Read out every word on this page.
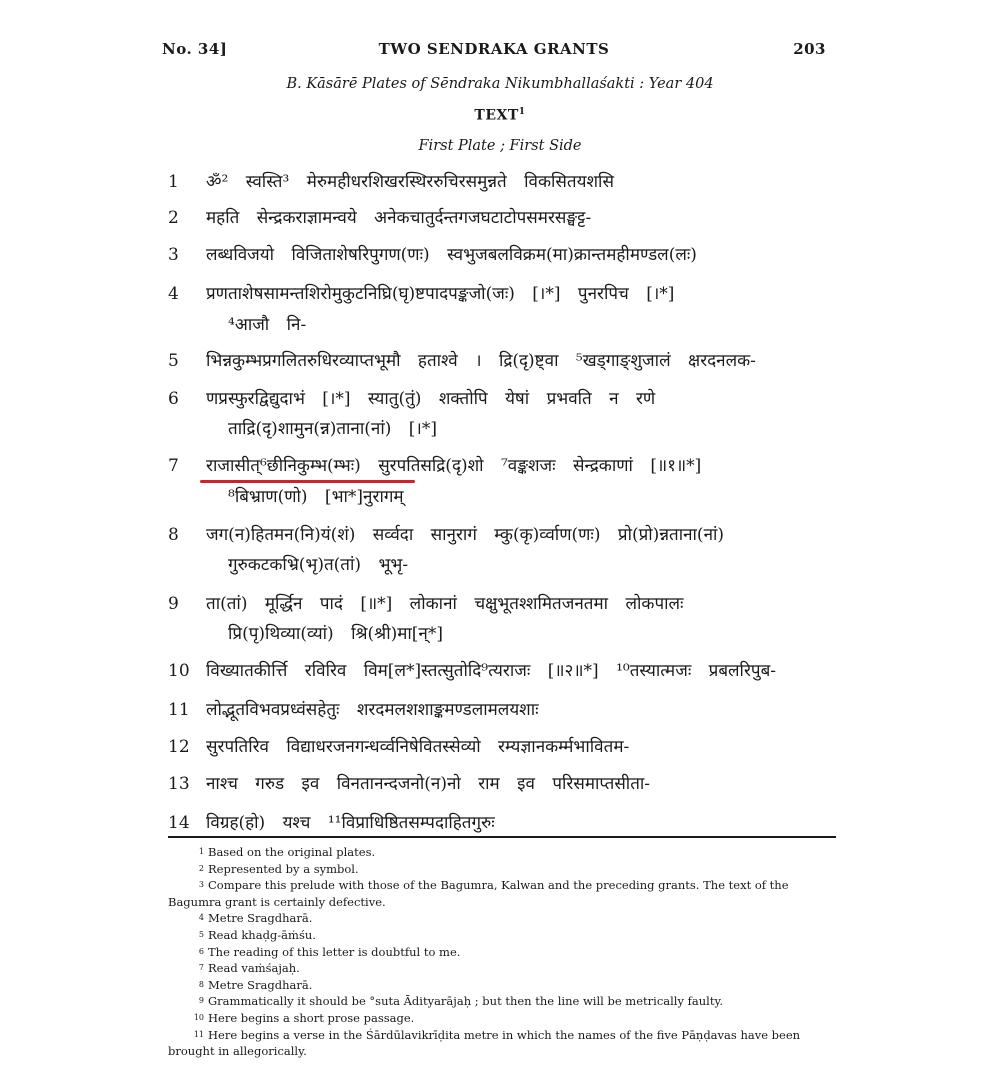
No. 34]	TWO SENDRAKA GRANTS	203
B. Kāsārē Plates of Sēndraka Nikumbhallaśakti : Year 404
TEXT$^1$
First Plate ; First Side
1 ॐ² स्वस्ति³ मेरुमहीधरशिखरस्थिररुचिरसमुन्नते विकसितयशसि
2 महति सेन्द्रकराज्ञामन्वये अनेकचातुर्दन्तगजघटाटोपसमरसङ्घट्ट-
3 लब्धविजयो विजिताशेषरिपुगण(णः) स्वभुजबलविक्रम(मा)क्रान्तमहीमण्डल(लः)
4 प्रणताशेषसामन्तशिरोमुकुटनिघ्रि(घृ)ष्टपादपङ्कजो(जः) [।*] पुनरपिच [।*]
⁴आजौ नि-
5 भिन्नकुम्भप्रगलितरुधिरव्याप्तभूमौ हताश्वे । द्रि(दृ)ष्ट्वा ⁵खड्गाङ्शुजालं क्षरदनलक-
6 णप्रस्फुरद्विद्युदाभं [।*] स्यातु(तुं) शक्तोपि येषां प्रभवति न रणे
ताद्रि(दृ)शामुन(न्न)ताना(नां) [।*]
7 राजासीत्⁶छीनिकुम्भ(म्भः) सुरपतिसद्रि(दृ)शो ⁷वङ्कशजः सेन्द्रकाणां [॥१॥*]
⁸बिभ्राण(णो) [भा*]नुरागम्
8 जग(न)हितमन(नि)यं(शं) सर्व्वदा सानुरागं म्कु(कृ)र्व्वाण(णः) प्रो(प्रो)न्नताना(नां)
गुरुकटकभ्रि(भृ)त(तां) भूभृ-
9 ता(तां) मूर्द्धिन पादं [॥*] लोकानां चक्षुभूतश्शमितजनतमा लोकपालः
प्रि(पृ)थिव्या(व्यां) श्रि(श्री)मा[न्*]
10 विख्यातकीर्त्ति रविरिव विम[ल*]स्तत्सुतोदि⁹त्यराजः [॥२॥*] ¹⁰तस्यात्मजः प्रबलरिपुब-
11 लोद्भूतविभवप्रध्वंसहेतुः शरदमलशशाङ्कमण्डलामलयशाः
12 सुरपतिरिव विद्याधरजनगन्धर्व्वनिषेवितस्सेव्यो रम्यज्ञानकर्म्मभावितम-
13 नाश्च गरुड इव विनतानन्दजनो(न)नो राम इव परिसमाप्तसीता-
14 विग्रह(हो) यश्च ¹¹विप्राधिष्ठितसम्पदाहितगुरुः

1 Based on the original plates.

2 Represented by a symbol.

3 Compare this prelude with those of the Bagumra, Kalwan and the preceding grants. The text of the Bagumra grant is certainly defective.

4 Metre Sragdharā.

5 Read khaḍg-āṁśu.

6 The reading of this letter is doubtful to me.

7 Read vaṁśajaḥ.

8 Metre Sragdharā.

9 Grammatically it should be °suta Ādityarājaḥ ; but then the line will be metrically faulty.

10 Here begins a short prose passage.

11 Here begins a verse in the Śārdūlavikrīḍita metre in which the names of the five Pāṇḍavas have been brought in allegorically.
